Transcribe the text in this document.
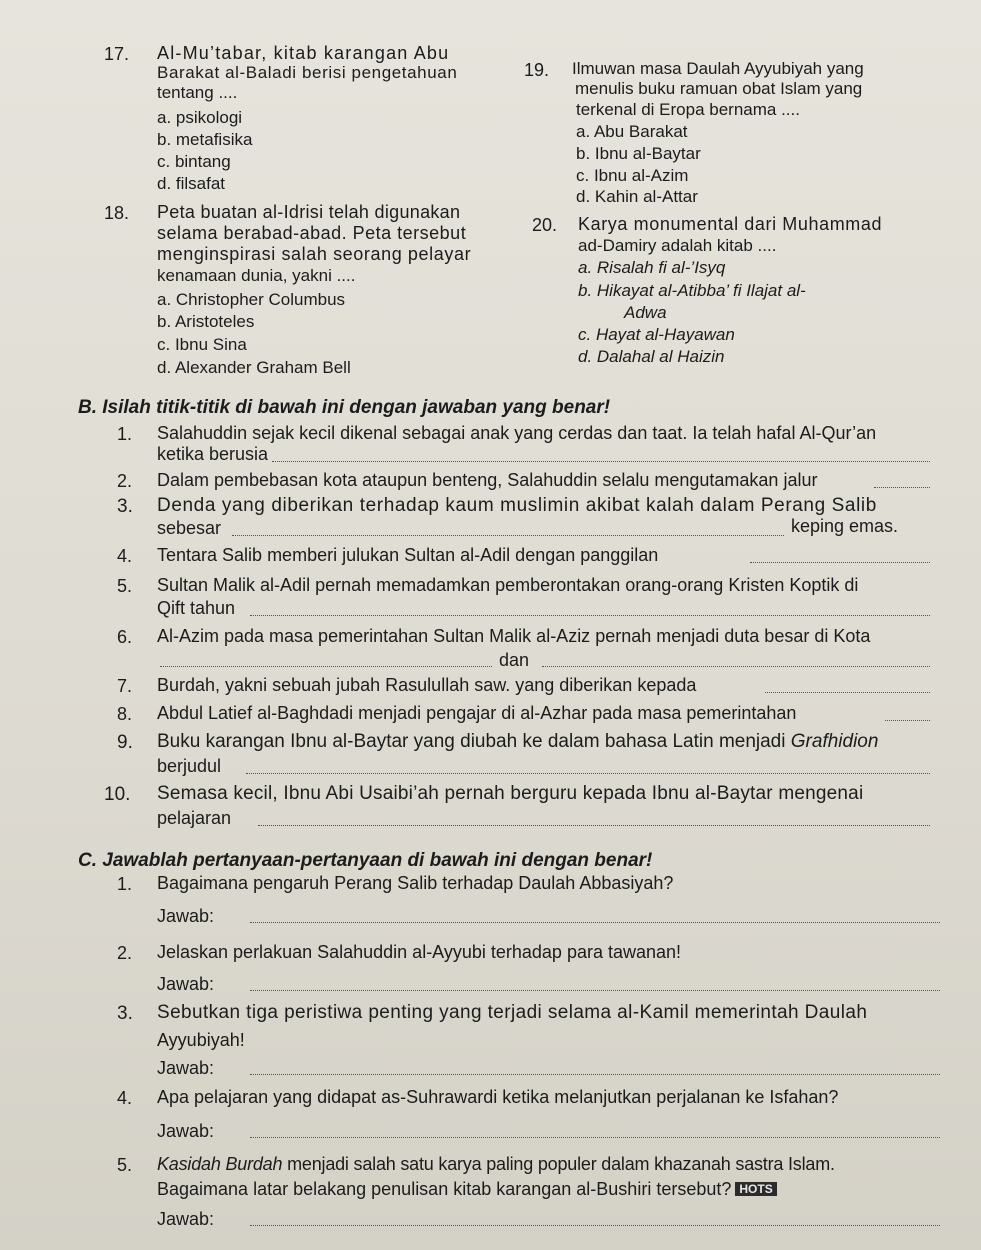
17. Al-Mu’tabar, kitab karangan Abu
Barakat al-Baladi berisi pengetahuan
tentang ....
a. psikologi
b. metafisika
c. bintang
d. filsafat
18. Peta buatan al-Idrisi telah digunakan
selama berabad-abad. Peta tersebut
menginspirasi salah seorang pelayar
kenamaan dunia, yakni ....
a. Christopher Columbus
b. Aristoteles
c. Ibnu Sina
d. Alexander Graham Bell
19. Ilmuwan masa Daulah Ayyubiyah yang
menulis buku ramuan obat Islam yang
terkenal di Eropa bernama ....
a. Abu Barakat
b. Ibnu al-Baytar
c. Ibnu al-Azim
d. Kahin al-Attar
20. Karya monumental dari Muhammad
ad-Damiry adalah kitab ....
a. Risalah fi al-’Isyq
b. Hikayat al-Atibba’ fi Ilajat al-
Adwa
c. Hayat al-Hayawan
d. Dalahal al Haizin
B. Isilah titik-titik di bawah ini dengan jawaban yang benar!
1. Salahuddin sejak kecil dikenal sebagai anak yang cerdas dan taat. Ia telah hafal Al-Qur’an
ketika berusia
2. Dalam pembebasan kota ataupun benteng, Salahuddin selalu mengutamakan jalur
3. Denda yang diberikan terhadap kaum muslimin akibat kalah dalam Perang Salib
sebesar	keping emas.
4. Tentara Salib memberi julukan Sultan al-Adil dengan panggilan
5. Sultan Malik al-Adil pernah memadamkan pemberontakan orang-orang Kristen Koptik di
Qift tahun
6. Al-Azim pada masa pemerintahan Sultan Malik al-Aziz pernah menjadi duta besar di Kota
dan
7. Burdah, yakni sebuah jubah Rasulullah saw. yang diberikan kepada
8. Abdul Latief al-Baghdadi menjadi pengajar di al-Azhar pada masa pemerintahan
9. Buku karangan Ibnu al-Baytar yang diubah ke dalam bahasa Latin menjadi Grafhidion
berjudul
10. Semasa kecil, Ibnu Abi Usaibi’ah pernah berguru kepada Ibnu al-Baytar mengenai
pelajaran
C. Jawablah pertanyaan-pertanyaan di bawah ini dengan benar!
1. Bagaimana pengaruh Perang Salib terhadap Daulah Abbasiyah?
Jawab:
2. Jelaskan perlakuan Salahuddin al-Ayyubi terhadap para tawanan!
Jawab:
3. Sebutkan tiga peristiwa penting yang terjadi selama al-Kamil memerintah Daulah
Ayyubiyah!
Jawab:
4. Apa pelajaran yang didapat as-Suhrawardi ketika melanjutkan perjalanan ke Isfahan?
Jawab:
5. Kasidah Burdah menjadi salah satu karya paling populer dalam khazanah sastra Islam.
Bagaimana latar belakang penulisan kitab karangan al-Bushiri tersebut? HOTS
Jawab:
